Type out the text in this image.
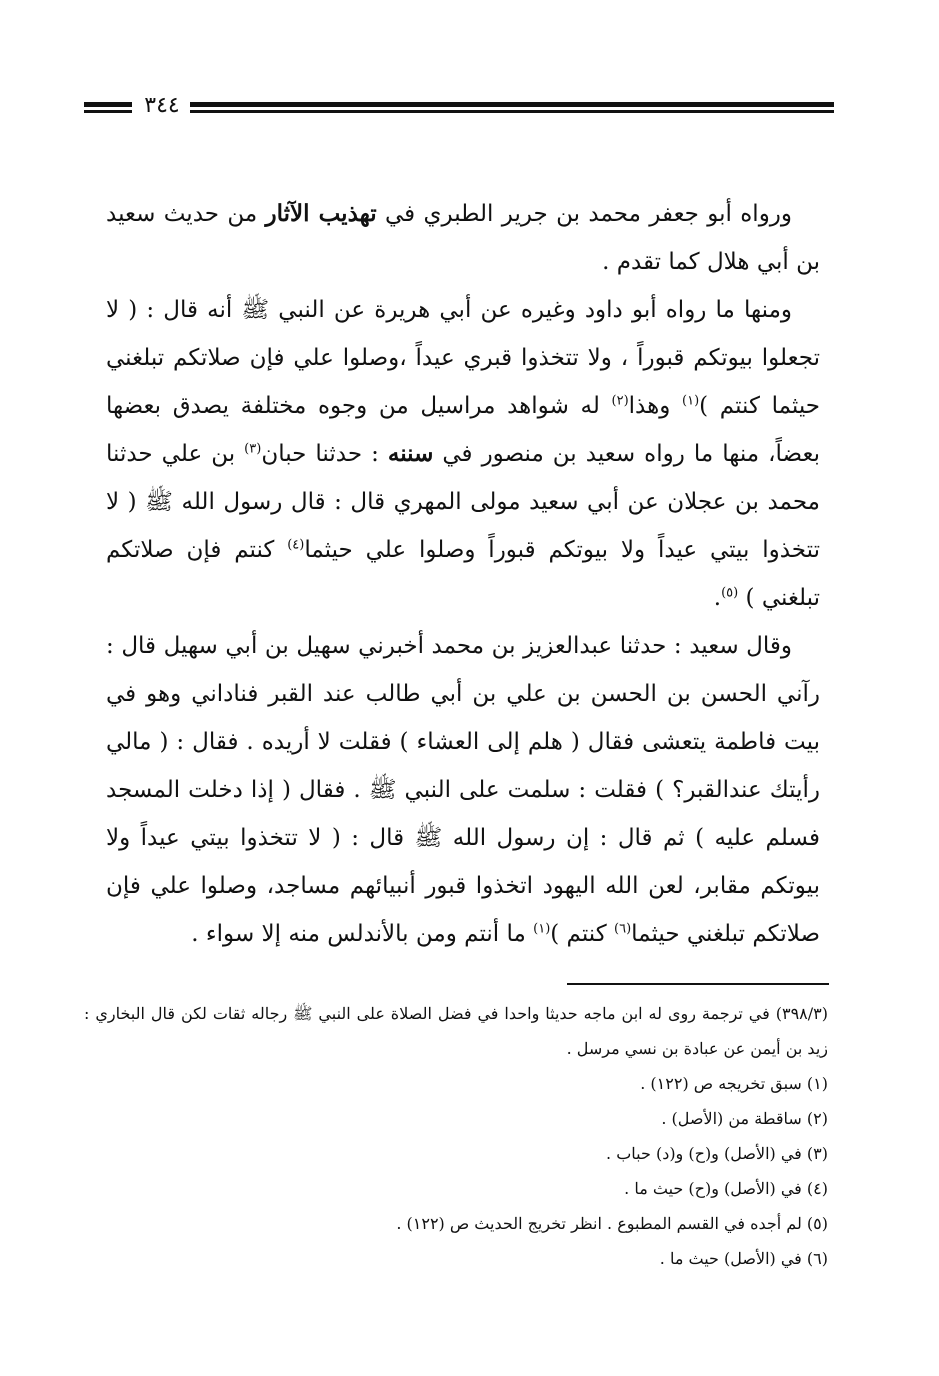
٣٤٤

ورواه أبو جعفر محمد بن جرير الطبري في تهذيب الآثار من حديث سعيد بن أبي هلال كما تقدم .

ومنها ما رواه أبو داود وغيره عن أبي هريرة عن النبي ﷺ أنه قال : ( لا تجعلوا بيوتكم قبوراً ، ولا تتخذوا قبري عيداً ،وصلوا علي فإن صلاتكم تبلغني حيثما كنتم )$^{(١)}$ وهذا$^{(٢)}$ له شواهد مراسيل من وجوه مختلفة يصدق بعضها بعضاً، منها ما رواه سعيد بن منصور في سننه : حدثنا حبان$^{(٣)}$ بن علي حدثنا محمد بن عجلان عن أبي سعيد مولى المهري قال : قال رسول الله ﷺ ( لا تتخذوا بيتي عيداً ولا بيوتكم قبوراً وصلوا علي حيثما$^{(٤)}$ كنتم فإن صلاتكم تبلغني ) $^{(٥)}$.

وقال سعيد : حدثنا عبدالعزيز بن محمد أخبرني سهيل بن أبي سهيل قال : رآني الحسن بن الحسن بن علي بن أبي طالب عند القبر فناداني وهو في بيت فاطمة يتعشى فقال ( هلم إلى العشاء ) فقلت لا أريده . فقال : ( مالي رأيتك عندالقبر؟ ) فقلت : سلمت على النبي ﷺ . فقال ( إذا دخلت المسجد فسلم عليه ) ثم قال : إن رسول الله ﷺ قال : ( لا تتخذوا بيتي عيداً ولا بيوتكم مقابر، لعن الله اليهود اتخذوا قبور أنبيائهم مساجد، وصلوا علي فإن صلاتكم تبلغني حيثما$^{(٦)}$ كنتم )$^{(١)}$ ما أنتم ومن بالأندلس منه إلا سواء .

(٣٩٨/٣) في ترجمة روى له ابن ماجه حديثا واحدا في فضل الصلاة على النبي ﷺ رجاله ثقات لكن قال البخاري : زيد بن أيمن عن عبادة بن نسي مرسل .

(١) سبق تخريجه ص (١٢٢) .

(٢) ساقطة من (الأصل) .

(٣) في (الأصل) و(ح) و(د) حباب .

(٤) في (الأصل) و(ح) حيث ما .

(٥) لم أجده في القسم المطبوع . انظر تخريج الحديث ص (١٢٢) .

(٦) في (الأصل) حيث ما .
